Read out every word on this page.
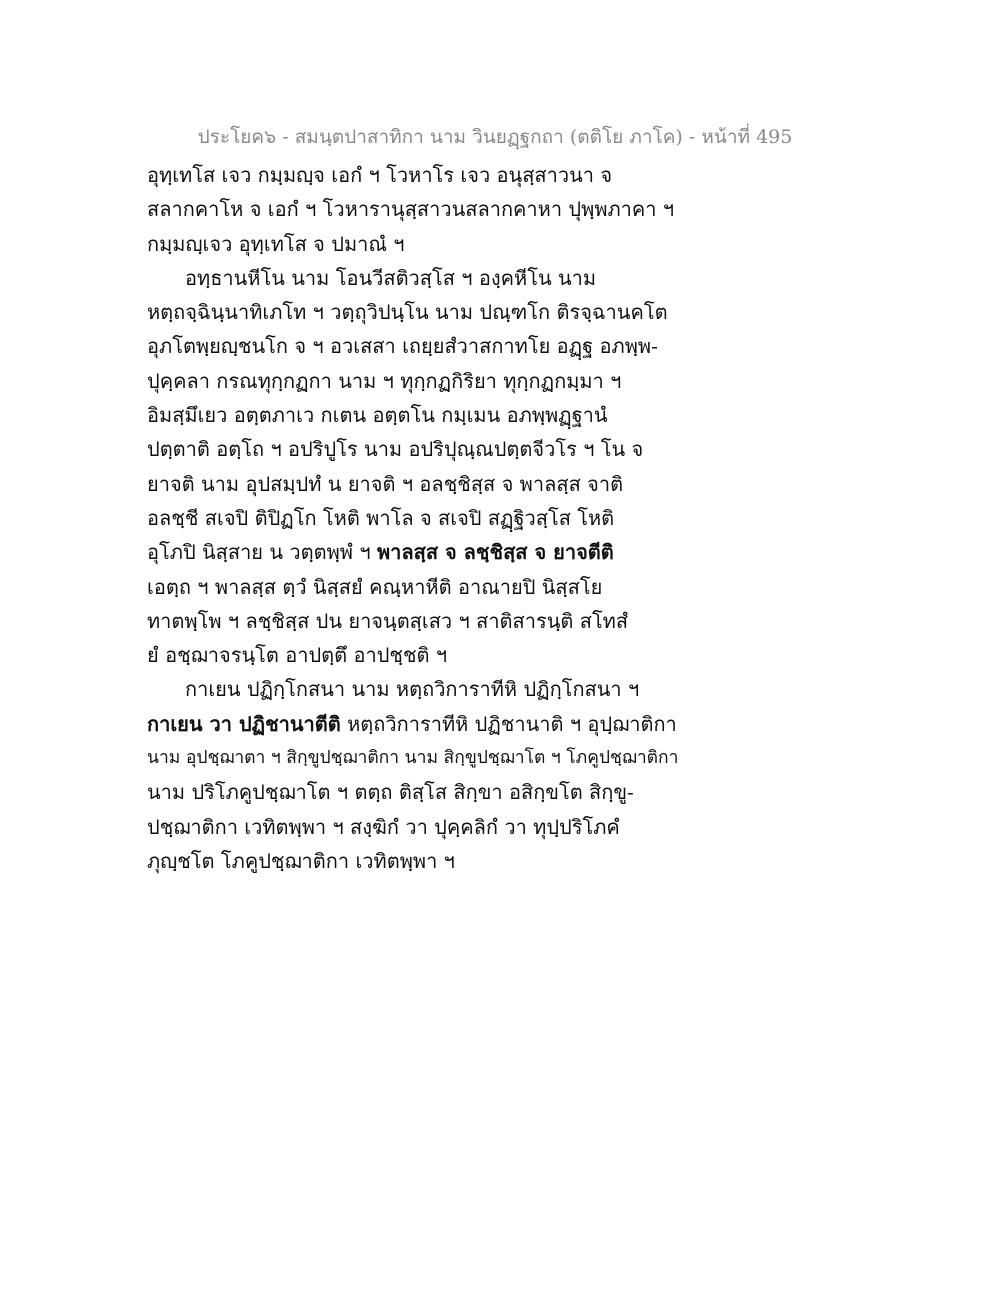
ประโยค๖ - สมนฺตปาสาทิกา นาม วินยฏฺฐกถา (ตติโย ภาโค) - หน้าที่ 495
อุทฺเทโส เจว กมฺมญฺจ เอกํ ฯ โวหาโร เจว อนุสฺสาวนา จ
สลากคาโห จ เอกํ ฯ โวหารานุสฺสาวนสลากคาหา ปุพฺพภาคา ฯ
กมฺมญฺเจว อุทฺเทโส จ ปมาณํ ฯ
อทฺธานหีโน นาม โอนวีสติวสฺโส ฯ องฺคหีโน นาม
หตฺถจฺฉินฺนาทิเภโท ฯ วตฺถุวิปนฺโน นาม ปณฺฑโก ติรจฺฉานคโต
อุภโตพฺยญฺชนโก จ ฯ อวเสสา เถยฺยสํวาสกาทโย อฏฺฐ อภพฺพ-
ปุคฺคลา กรณทุกฺกฏกา นาม ฯ ทุกฺกฏกิริยา ทุกฺกฏกมฺมา ฯ
อิมสฺมึเยว อตฺตภาเว กเตน อตฺตโน กมฺเมน อภพฺพฏฺฐานํ
ปตฺตาติ อตฺโถ ฯ อปริปูโร นาม อปริปุณฺณปตฺตจีวโร ฯ โน จ
ยาจติ นาม อุปสมฺปทํ น ยาจติ ฯ อลชฺชิสฺส จ พาลสฺส จาติ
อลชฺชี สเจปิ ติปิฏโก โหติ พาโล จ สเจปิ สฏฺฐิวสฺโส โหติ
อุโภปิ นิสฺสาย น วตฺตพฺพํ ฯ พาลสฺส จ ลชฺชิสฺส จ ยาจตีติ
เอตฺถ ฯ พาลสฺส ตฺวํ นิสฺสยํ คณฺหาหีติ อาณายปิ นิสฺสโย
ทาตพฺโพ ฯ ลชฺชิสฺส ปน ยาจนฺตสฺเสว ฯ สาติสารนฺติ สโทสํ
ยํ อชฺฌาจรนฺโต อาปตฺตึ อาปชฺชติ ฯ
กาเยน ปฏิกฺโกสนา นาม หตฺถวิการาทีหิ ปฏิกฺโกสนา ฯ
กาเยน วา ปฏิชานาตีติ หตฺถวิการาทีหิ ปฏิชานาติ ฯ อุปฺฌาติกา
นาม อุปชฺฌาตา ฯ สิกฺขูปชฺฌาติกา นาม สิกฺขูปชฺฌาโต ฯ โภคูปชฺฌาติกา
นาม ปริโภคูปชฺฌาโต ฯ ตตฺถ ติสฺโส สิกฺขา อสิกฺขโต สิกฺขู-
ปชฺฌาติกา เวทิตพฺพา ฯ สงฺฆิกํ วา ปุคฺคลิกํ วา ทุปฺปริโภคํ
ภุญฺชโต โภคูปชฺฌาติกา เวทิตพฺพา ฯ
